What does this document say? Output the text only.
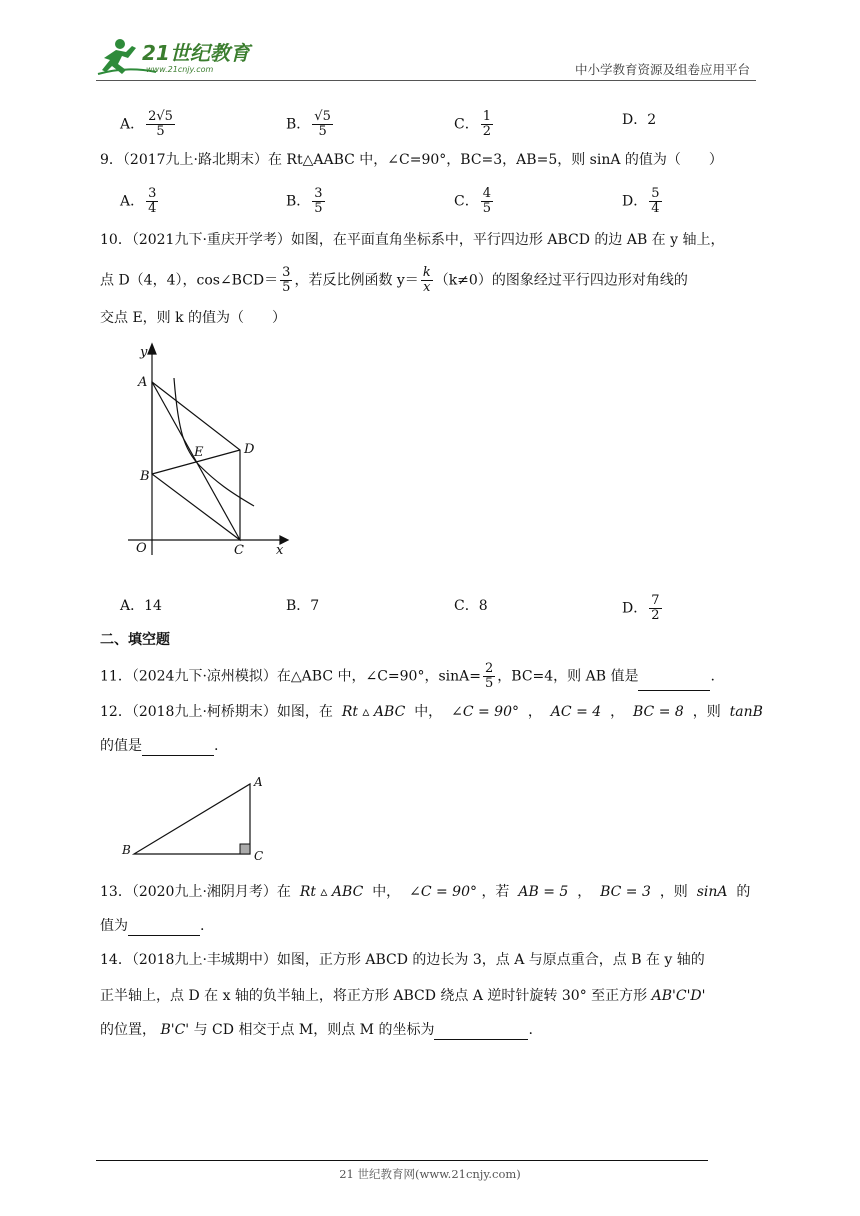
21世纪教育
www.21cnjy.com	中小学教育资源及组卷应用平台
A． $\frac{2√5}{5}$	B． $\frac{√5}{5}$	C． $\frac{1}{2}$	D．2
9．（2017九上·路北期末）在 Rt△AABC 中，∠C=90°，BC=3，AB=5，则 sinA 的值为（　　）
A． $\frac{3}{4}$	B． $\frac{3}{5}$	C． $\frac{4}{5}$	D． $\frac{5}{4}$
10．（2021九下·重庆开学考）如图，在平面直角坐标系中，平行四边形 ABCD 的边 AB 在 y 轴上，
点 D（4，4），cos∠BCD＝ $\frac{3}{5}$ ，若反比例函数 $y= \frac{k}{x} (k\ne 0)$的图象经过平行四边形对角线的
交点 E，则 k 的值为（　　）
y
x
A
B
C
D
E
O
A．14	B．7	C．8	D． $\frac{7}{2}$
二、填空题
11．（2024九下·凉州模拟）在△ABC 中，∠C=90°，$\sin A= \frac{2}{5}$ ，BC=4，则 AB 值是	.
12．（2018九上·柯桥期末）如图，在 Rt ▵ ABC 中， ∠C = 90° ， AC = 4 ， BC = 8 ，则 tanB
的值是	.
B
A
C
13．（2020九上·湘阴月考）在 Rt ▵ ABC 中， ∠C = 90° ，若 AB = 5 ， BC = 3 ，则 sinA 的
值为	.
14．（2018九上·丰城期中）如图，正方形 ABCD 的边长为 3，点 A 与原点重合，点 B 在 y 轴的
正半轴上，点 D 在 x 轴的负半轴上，将正方形 ABCD 绕点 A 逆时针旋转 30° 至正方形 AB'C'D'
的位置， B'C' 与 CD 相交于点 M，则点 M 的坐标为	.
21 世纪教育网(www.21cnjy.com)
